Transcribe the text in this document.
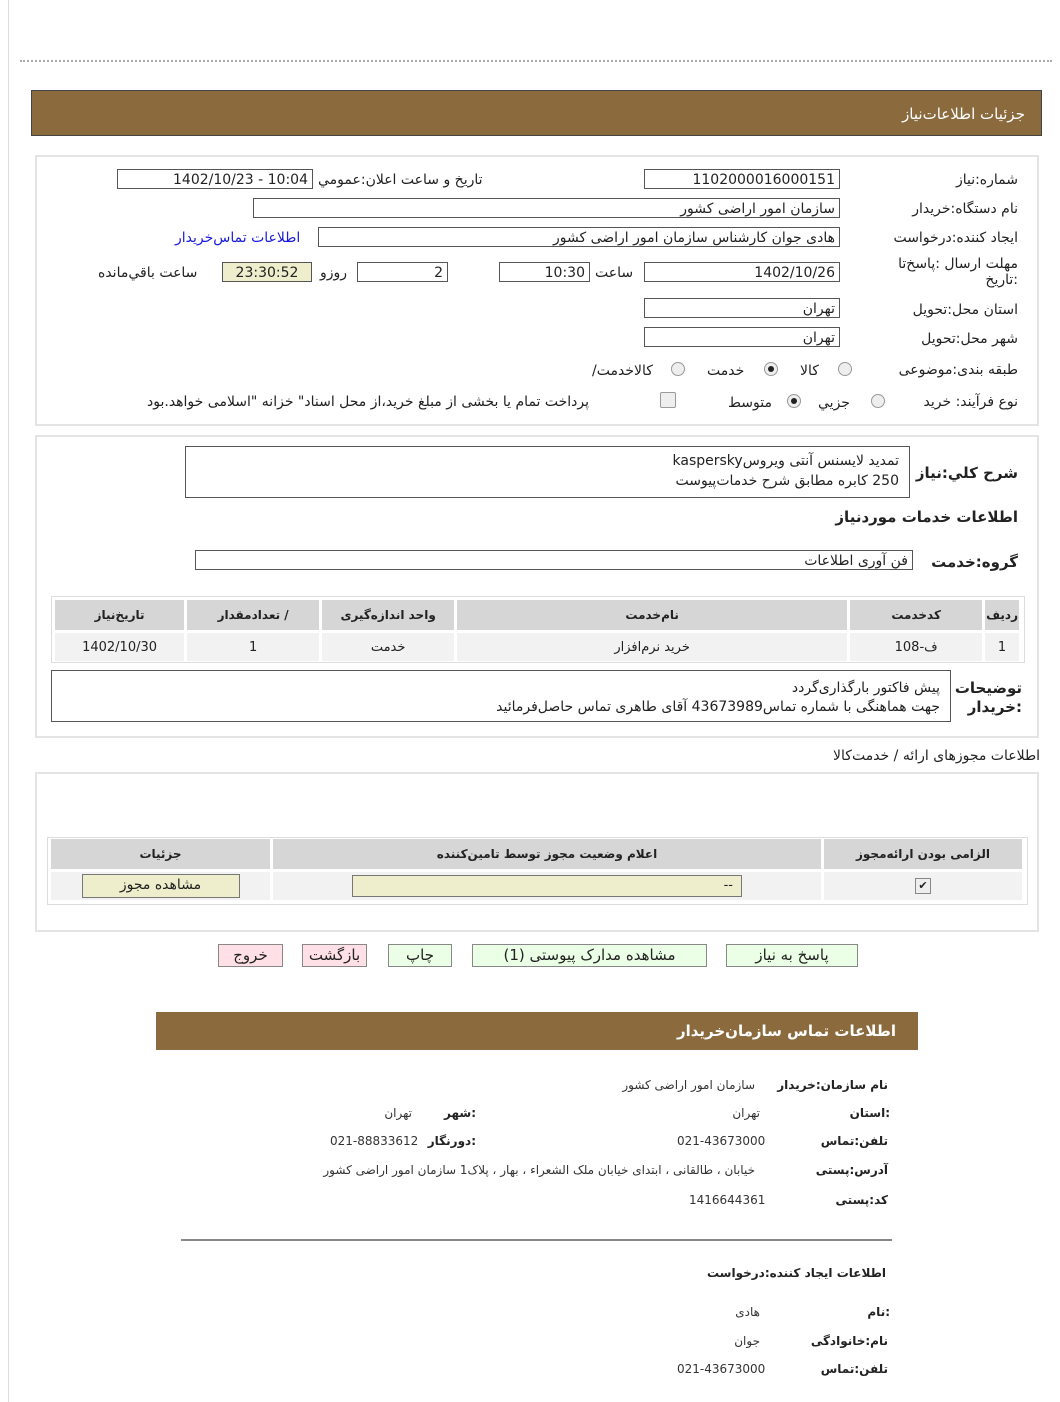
جزئیات اطلاعات‌نیاز
شماره:نیاز
1102000016000151
تاریخ و ساعت اعلان:عمومي
1402/10/23 - 10:04
نام دستگاه:خریدار
سازمان امور اراضی کشور
ایجاد کننده:درخواست
هادی جوان کارشناس سازمان امور اراضی کشور
اطلاعات تماس‌خریدار
مهلت ارسال :پاسخ‌تا :تاریخ
1402/10/26
ساعت
10:30
2
روزو
23:30:52
ساعت باقي‌مانده
استان محل:تحویل
تهران
شهر محل:تحویل
تهران
طبقه بندی:موضوعی
کالا
خدمت
/کالاخدمت
نوع فرآیند: خرید
جزیي
متوسط
پرداخت تمام یا بخشی از مبلغ خرید،از محل اسناد" خزانه "اسلامی خواهد.بود
شرح کلي:نیاز
تمدید لایسنس آنتی ویروسkaspersky
250 کابره مطابق شرح خدمات‌پیوست
اطلاعات خدمات موردنیاز
گروه:خدمت
فن آوری اطلاعات
ردیف	کدخدمت	نام‌خدمت	واحد اندازه‌گیری	/ تعدادمقدار	تاریخ‌نیاز
1	ف-108	خرید نرم‌افزار	خدمت	1	1402/10/30
توضیحات :خریدار
پیش فاکتور بارگذاری‌گردد
جهت هماهنگی با شماره تماس43673989 آقای طاهری تماس حاصل‌فرمائید
اطلاعات مجوزهای ارائه / خدمت‌کالا
الزامی بودن ارائه‌مجوز	اعلام وضعیت مجوز توسط تامین‌کننده	جزئیات
✔	--	مشاهده مجوز
پاسخ به نیاز
مشاهده مدارک پیوستی (1)
چاپ
بازگشت
خروج
اطلاعات تماس سازمان‌خریدار
نام سازمان:خریدار
سازمان امور اراضی کشور
:استان
تهران
:شهر
تهران
تلفن:تماس
021-43673000
:دورنگار
021-88833612
آدرس:پستی
خیابان ، طالقانی ، ابتدای خیابان ملک الشعراء ، بهار ، پلاک1 سازمان امور اراضی کشور
کد:پستی
1416644361
اطلاعات ایجاد کننده:درخواست
:نام
هادی
نام:خانوادگی
جوان
تلفن:تماس
021-43673000
